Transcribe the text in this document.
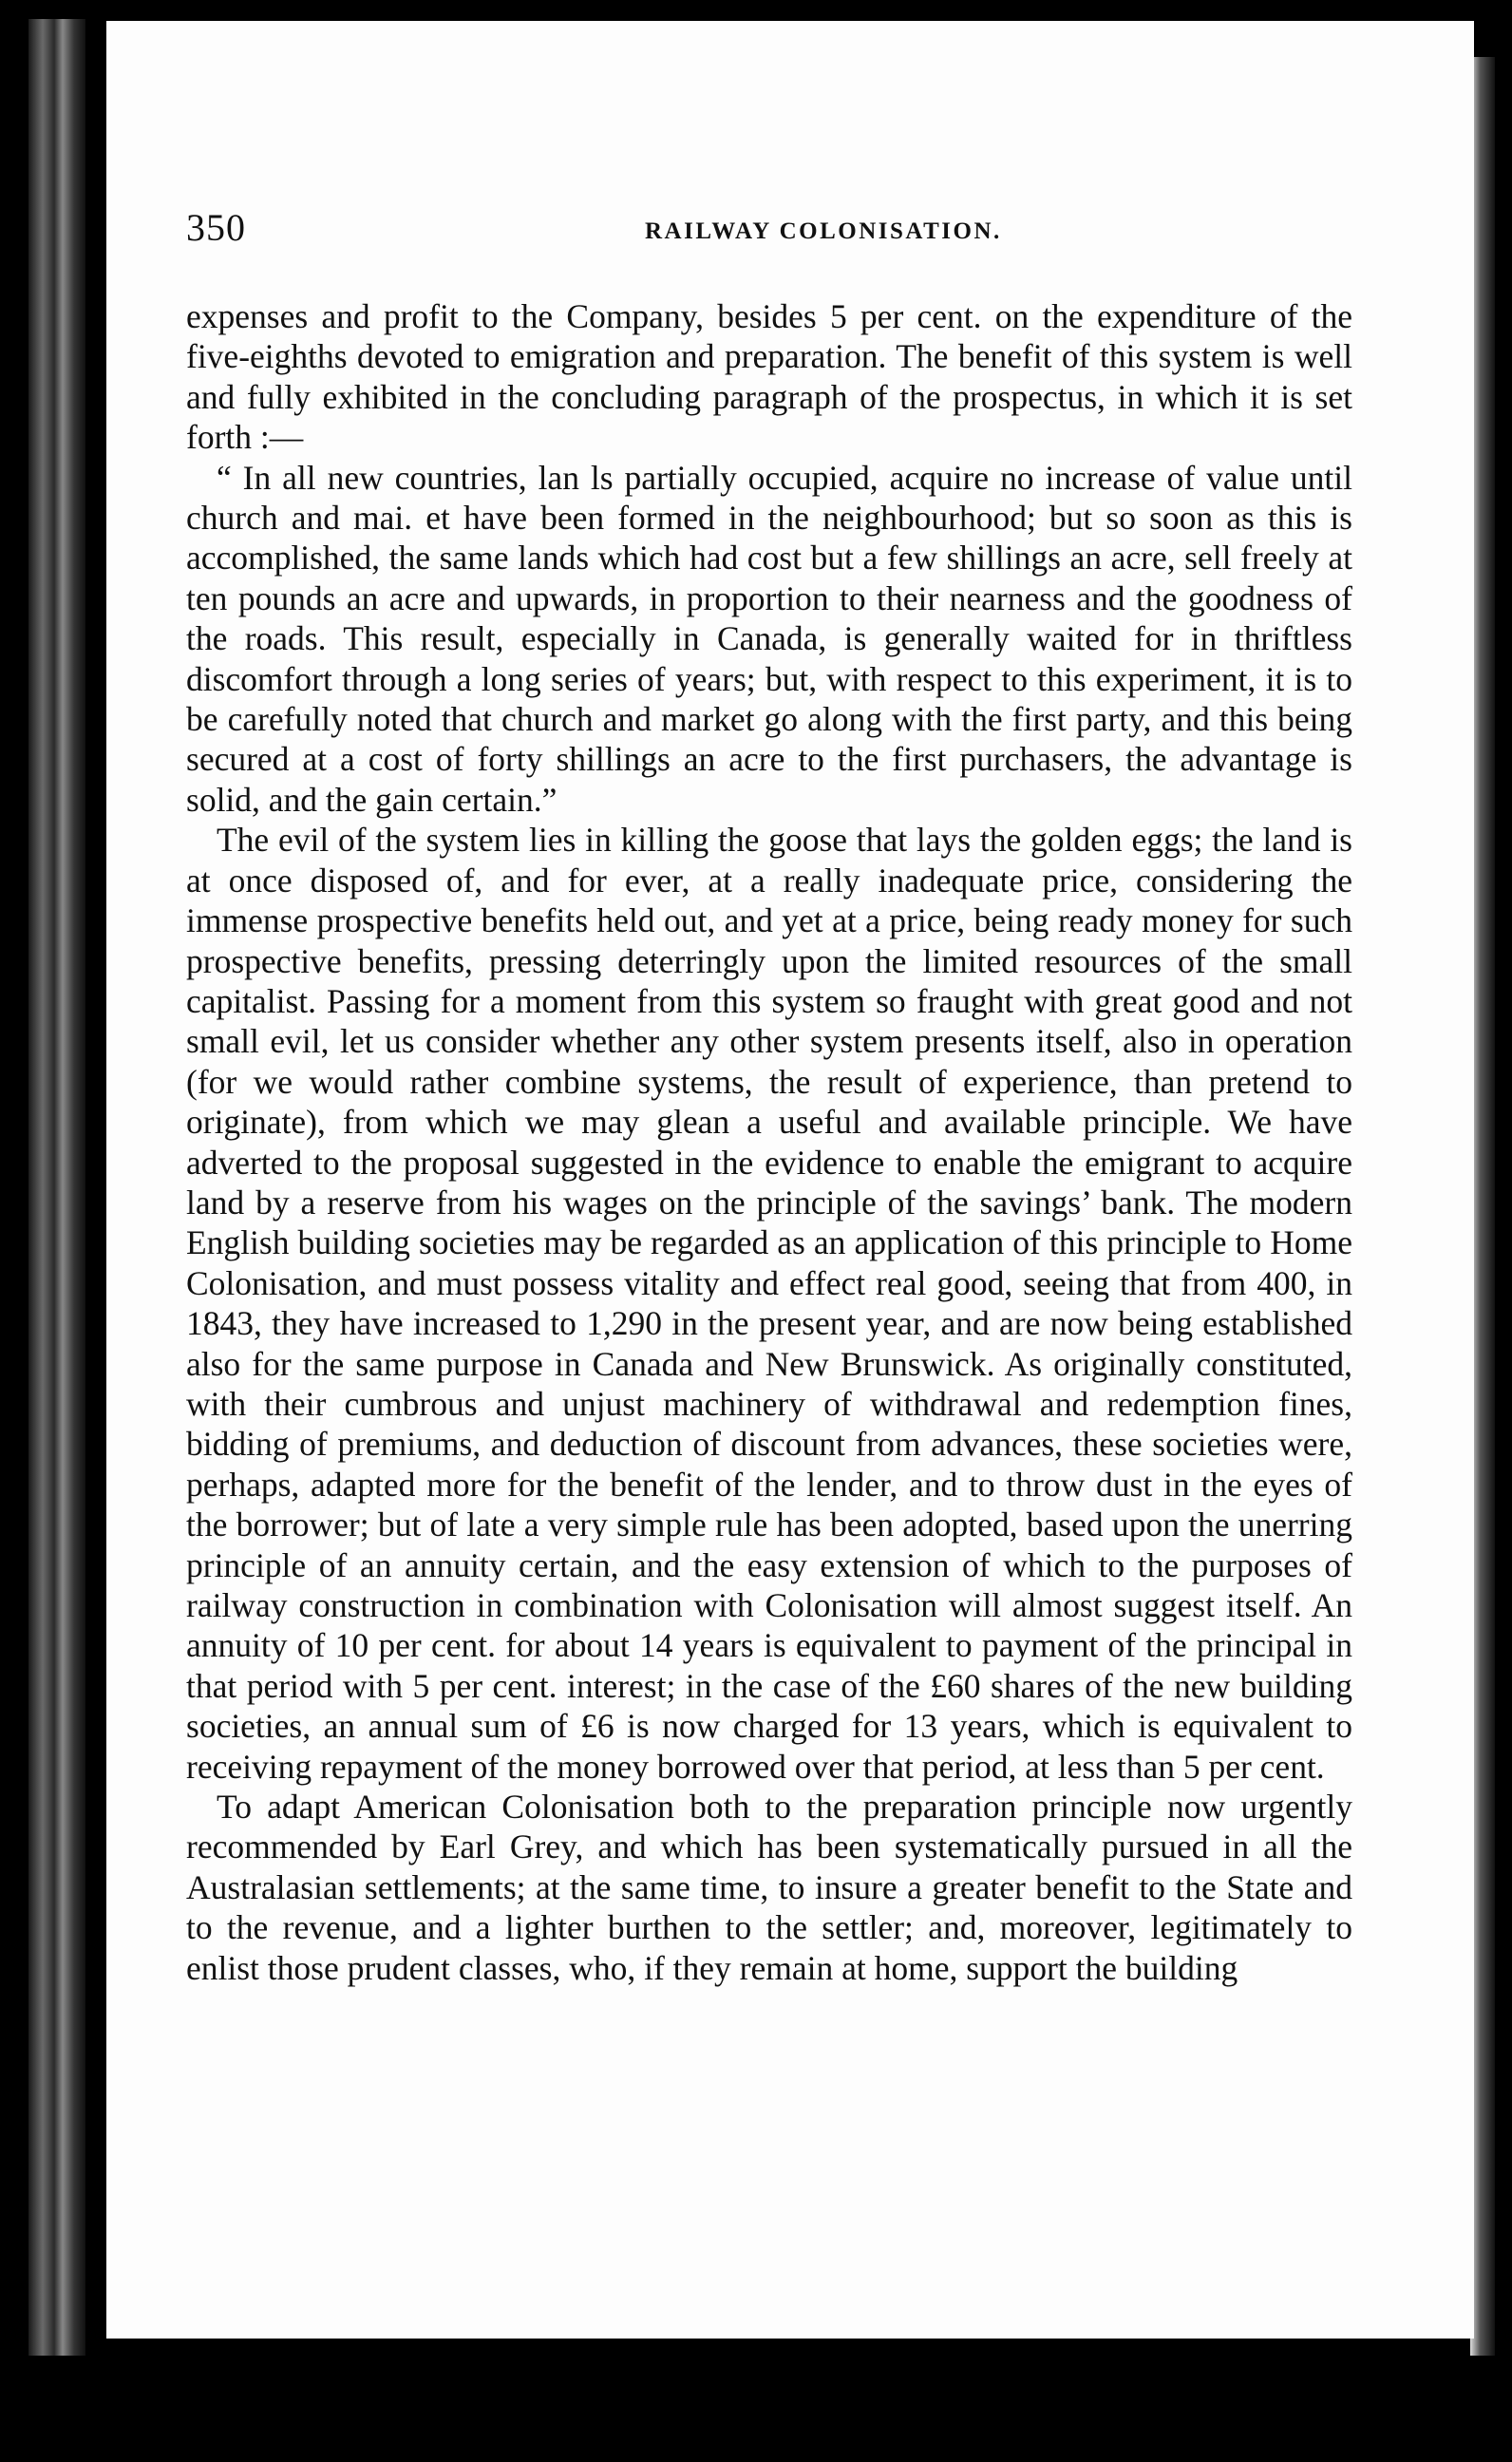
350	RAILWAY COLONISATION.

expenses and profit to the Company, besides 5 per cent. on the expenditure of the five-eighths devoted to emigration and preparation. The benefit of this system is well and fully exhibited in the concluding paragraph of the prospectus, in which it is set forth :—

“ In all new countries, lan ls partially occupied, acquire no increase of value until church and mai. et have been formed in the neighbourhood; but so soon as this is accomplished, the same lands which had cost but a few shillings an acre, sell freely at ten pounds an acre and upwards, in proportion to their nearness and the goodness of the roads. This result, especially in Canada, is generally waited for in thriftless discomfort through a long series of years; but, with respect to this experiment, it is to be carefully noted that church and market go along with the first party, and this being secured at a cost of forty shillings an acre to the first purchasers, the advantage is solid, and the gain certain.”

The evil of the system lies in killing the goose that lays the golden eggs; the land is at once disposed of, and for ever, at a really inadequate price, considering the immense prospective benefits held out, and yet at a price, being ready money for such prospective benefits, pressing deterringly upon the limited resources of the small capitalist. Passing for a moment from this system so fraught with great good and not small evil, let us consider whether any other system presents itself, also in operation (for we would rather combine systems, the result of experience, than pretend to originate), from which we may glean a useful and available principle. We have adverted to the proposal suggested in the evidence to enable the emigrant to acquire land by a reserve from his wages on the principle of the savings’ bank. The modern English building societies may be regarded as an application of this principle to Home Colonisation, and must possess vitality and effect real good, seeing that from 400, in 1843, they have increased to 1,290 in the present year, and are now being established also for the same purpose in Canada and New Brunswick. As originally constituted, with their cumbrous and unjust machinery of withdrawal and redemption fines, bidding of premiums, and deduction of discount from advances, these societies were, perhaps, adapted more for the benefit of the lender, and to throw dust in the eyes of the borrower; but of late a very simple rule has been adopted, based upon the unerring principle of an annuity certain, and the easy extension of which to the purposes of railway construction in combination with Colonisation will almost suggest itself. An annuity of 10 per cent. for about 14 years is equivalent to payment of the principal in that period with 5 per cent. interest; in the case of the £60 shares of the new building societies, an annual sum of £6 is now charged for 13 years, which is equivalent to receiving repayment of the money borrowed over that period, at less than 5 per cent.

To adapt American Colonisation both to the preparation principle now urgently recommended by Earl Grey, and which has been systematically pursued in all the Australasian settlements; at the same time, to insure a greater benefit to the State and to the revenue, and a lighter burthen to the settler; and, moreover, legitimately to enlist those prudent classes, who, if they remain at home, support the building
